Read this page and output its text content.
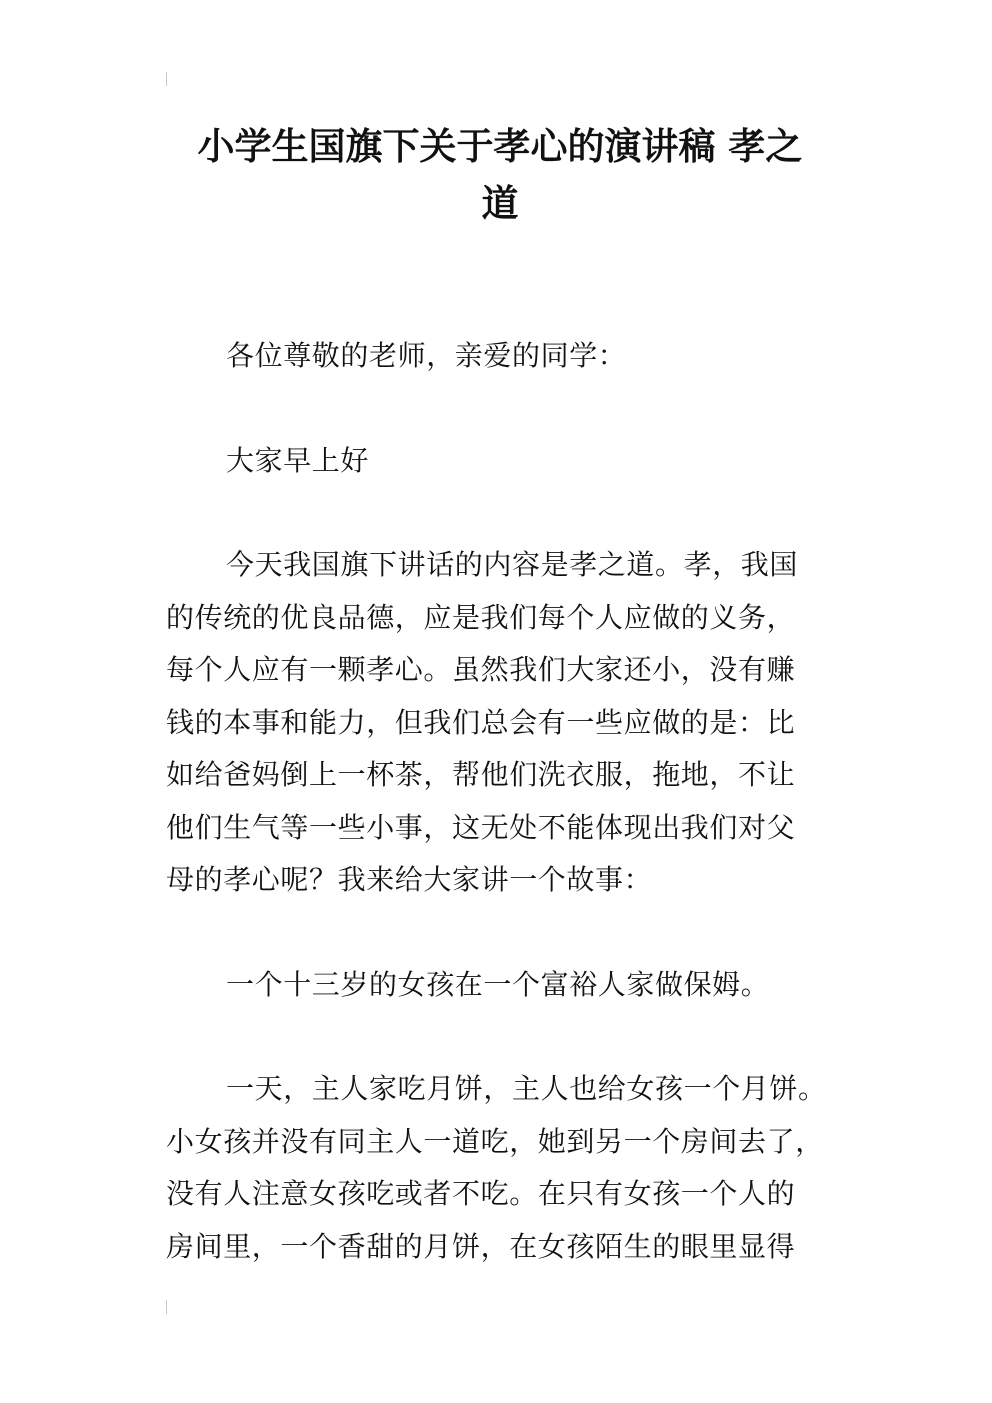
小学生国旗下关于孝心的演讲稿 孝之
道

各位尊敬的老师，亲爱的同学：

大家早上好

今天我国旗下讲话的内容是孝之道。孝，我国
的传统的优良品德，应是我们每个人应做的义务，
每个人应有一颗孝心。虽然我们大家还小，没有赚
钱的本事和能力，但我们总会有一些应做的是：比
如给爸妈倒上一杯茶，帮他们洗衣服，拖地，不让
他们生气等一些小事，这无处不能体现出我们对父
母的孝心呢？我来给大家讲一个故事：

一个十三岁的女孩在一个富裕人家做保姆。

一天，主人家吃月饼，主人也给女孩一个月饼。
小女孩并没有同主人一道吃，她到另一个房间去了，
没有人注意女孩吃或者不吃。在只有女孩一个人的
房间里，一个香甜的月饼，在女孩陌生的眼里显得
